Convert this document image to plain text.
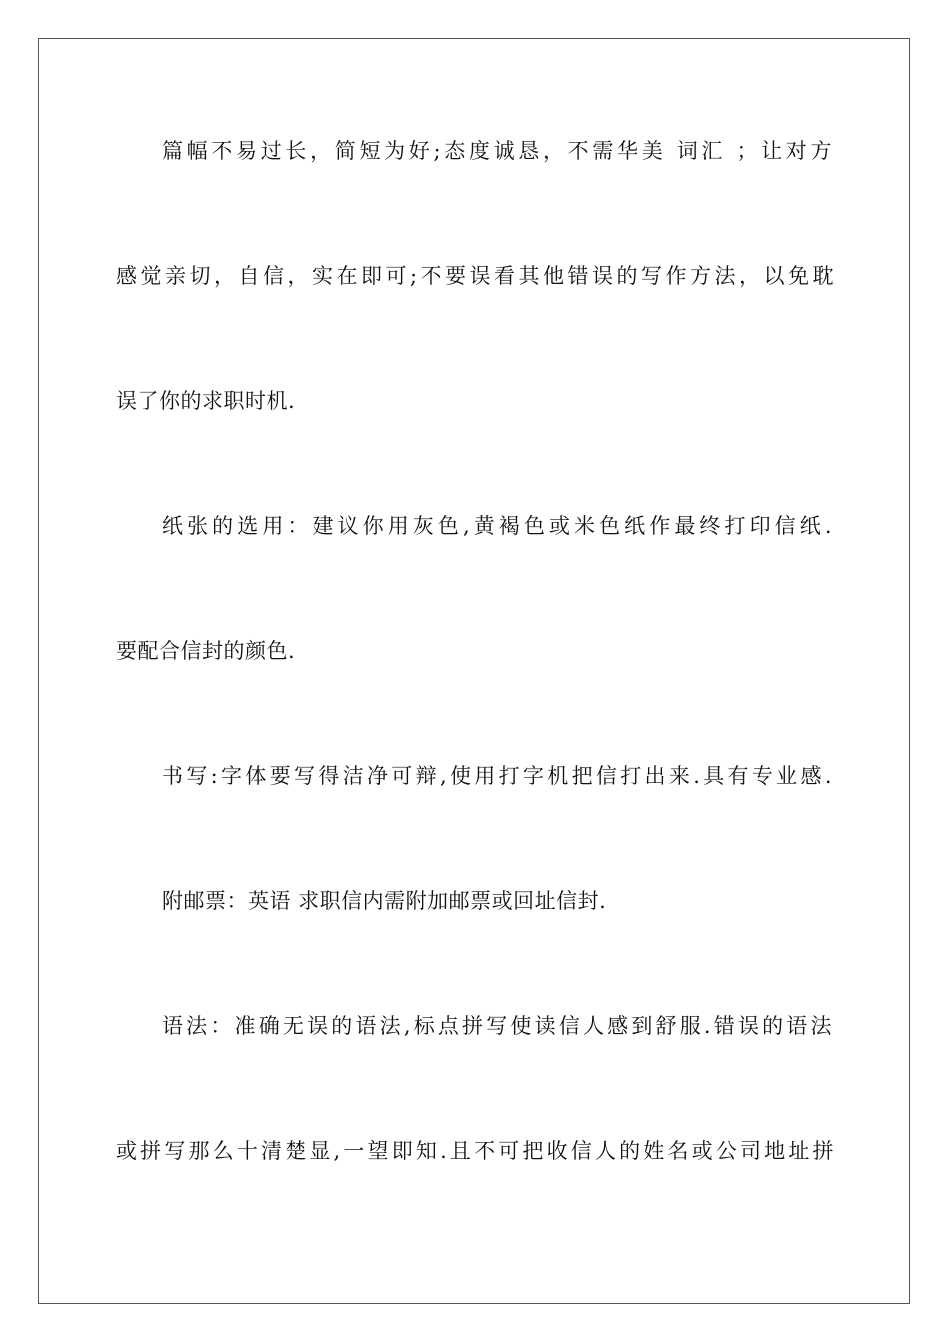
篇幅不易过长，简短为好;态度诚恳，不需华美 词汇 ；让对方
感觉亲切，自信，实在即可;不要误看其他错误的写作方法，以免耽
误了你的求职时机.
纸张的选用：建议你用灰色,黄褐色或米色纸作最终打印信纸.
要配合信封的颜色.
书写:字体要写得洁净可辩,使用打字机把信打出来.具有专业感.
附邮票：英语 求职信内需附加邮票或回址信封.
语法：准确无误的语法,标点拼写使读信人感到舒服.错误的语法
或拼写那么十清楚显,一望即知.且不可把收信人的姓名或公司地址拼
